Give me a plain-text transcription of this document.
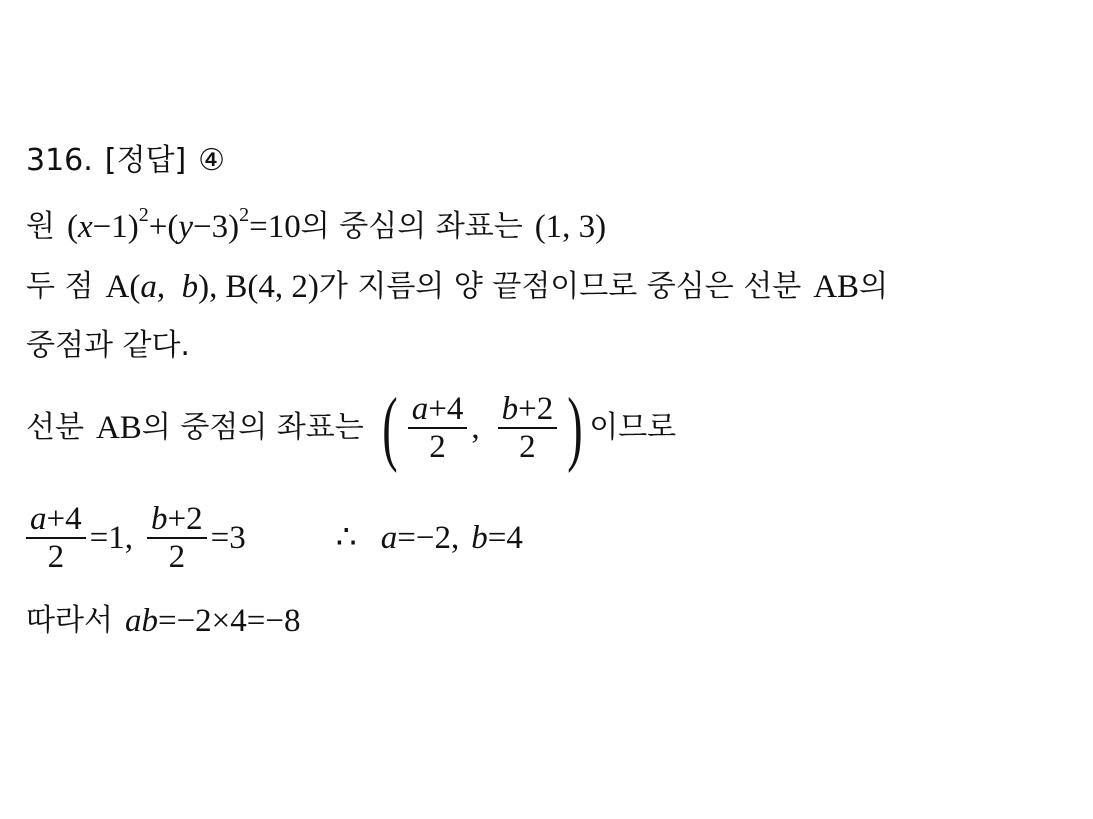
316. [정답] ④
원 ( x −1) 2 +( y −3) 2 =10 의 중심의 좌표는 (1, 3)
두 점 A( a , b ), B(4, 2) 가 지름의 양 끝점이므로 중심은 선분 AB 의
중점과 같다.
선분 AB 의 중점의 좌표는 ( $\frac{a+4}{2}$ , $\frac{b+2}{2}$ ) 이므로
$\frac{a+4}{2} =1$, $\frac{b+2}{2} =3$	∴ a =−2, b =4
따라서 ab =−2×4=−8
